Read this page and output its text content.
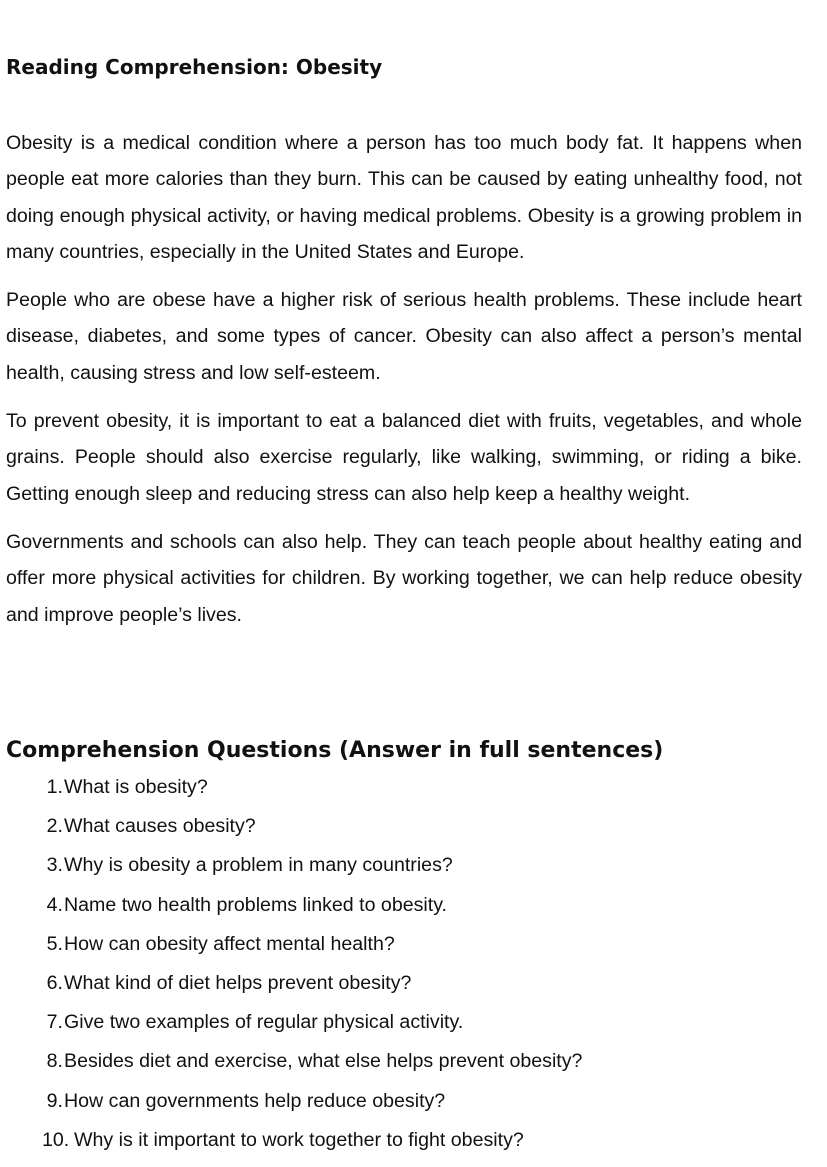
Reading Comprehension: Obesity

Obesity is a medical condition where a person has too much body fat. It happens when people eat more calories than they burn. This can be caused by eating unhealthy food, not doing enough physical activity, or having medical problems. Obesity is a growing problem in many countries, especially in the United States and Europe.

People who are obese have a higher risk of serious health problems. These include heart disease, diabetes, and some types of cancer. Obesity can also affect a person’s mental health, causing stress and low self-esteem.

To prevent obesity, it is important to eat a balanced diet with fruits, vegetables, and whole grains. People should also exercise regularly, like walking, swimming, or riding a bike. Getting enough sleep and reducing stress can also help keep a healthy weight.

Governments and schools can also help. They can teach people about healthy eating and offer more physical activities for children. By working together, we can help reduce obesity and improve people’s lives.

Comprehension Questions (Answer in full sentences)
1. What is obesity?
2. What causes obesity?
3. Why is obesity a problem in many countries?
4. Name two health problems linked to obesity.
5. How can obesity affect mental health?
6. What kind of diet helps prevent obesity?
7. Give two examples of regular physical activity.
8. Besides diet and exercise, what else helps prevent obesity?
9. How can governments help reduce obesity?
10. Why is it important to work together to fight obesity?
